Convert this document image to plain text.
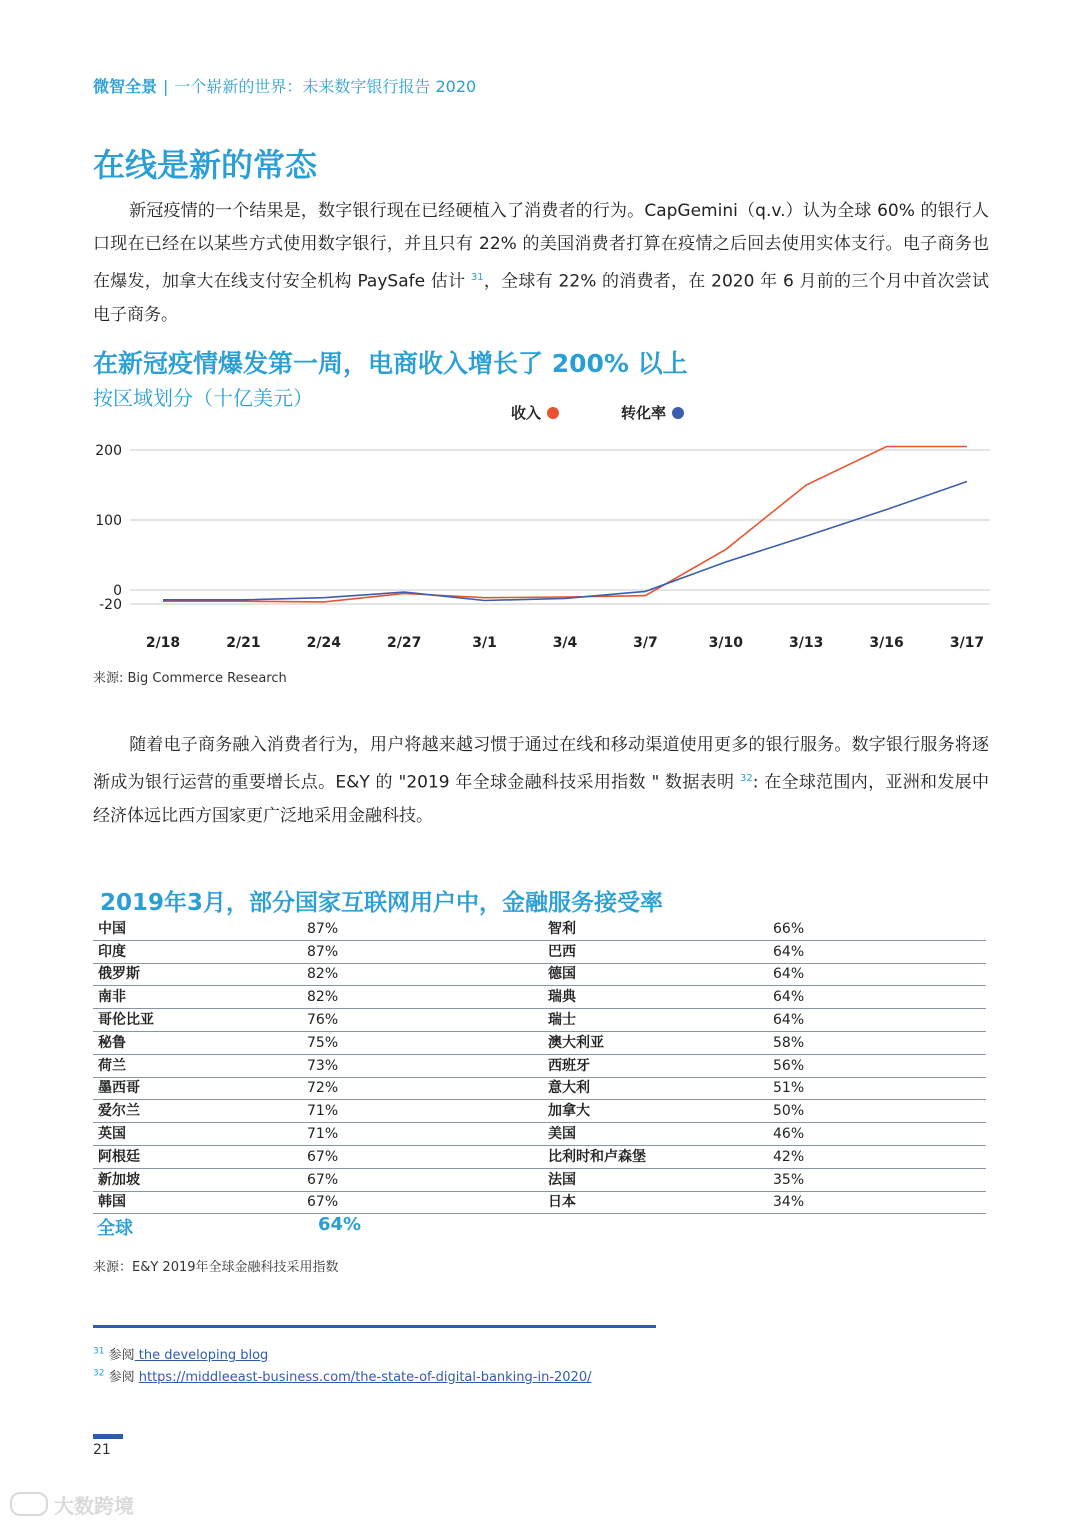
微智全景 | 一个崭新的世界：未来数字银行报告 2020
在线是新的常态
新冠疫情的一个结果是，数字银行现在已经硬植入了消费者的行为。CapGemini（q.v.）认为全球 60% 的银行人口现在已经在以某些方式使用数字银行，并且只有 22% 的美国消费者打算在疫情之后回去使用实体支行。电子商务也在爆发，加拿大在线支付安全机构 PaySafe 估计 $^{31}$，全球有 22% 的消费者，在 2020 年 6 月前的三个月中首次尝试电子商务。
在新冠疫情爆发第一周，电商收入增长了 200% 以上
按区域划分（十亿美元）
收入	转化率
200
100
0
-20
2/18	2/21	2/24	2/27	3/1	3/4	3/7	3/10	3/13	3/16	3/17
来源: Big Commerce Research
随着电子商务融入消费者行为，用户将越来越习惯于通过在线和移动渠道使用更多的银行服务。数字银行服务将逐渐成为银行运营的重要增长点。E&Y 的 "2019 年全球金融科技采用指数 " 数据表明 $^{32}$: 在全球范围内，亚洲和发展中经济体远比西方国家更广泛地采用金融科技。
2019年3月，部分国家互联网用户中，金融服务接受率
中国	87%	智利	66%
印度	87%	巴西	64%
俄罗斯	82%	德国	64%
南非	82%	瑞典	64%
哥伦比亚	76%	瑞士	64%
秘鲁	75%	澳大利亚	58%
荷兰	73%	西班牙	56%
墨西哥	72%	意大利	51%
爱尔兰	71%	加拿大	50%
英国	71%	美国	46%
阿根廷	67%	比利时和卢森堡	42%
新加坡	67%	法国	35%
韩国	67%	日本	34%
全球	64%
来源：E&Y 2019年全球金融科技采用指数
$^{31}$ 参阅 the developing blog
$^{32}$ 参阅 https://middleeast-business.com/the-state-of-digital-banking-in-2020/
21
大数跨境
